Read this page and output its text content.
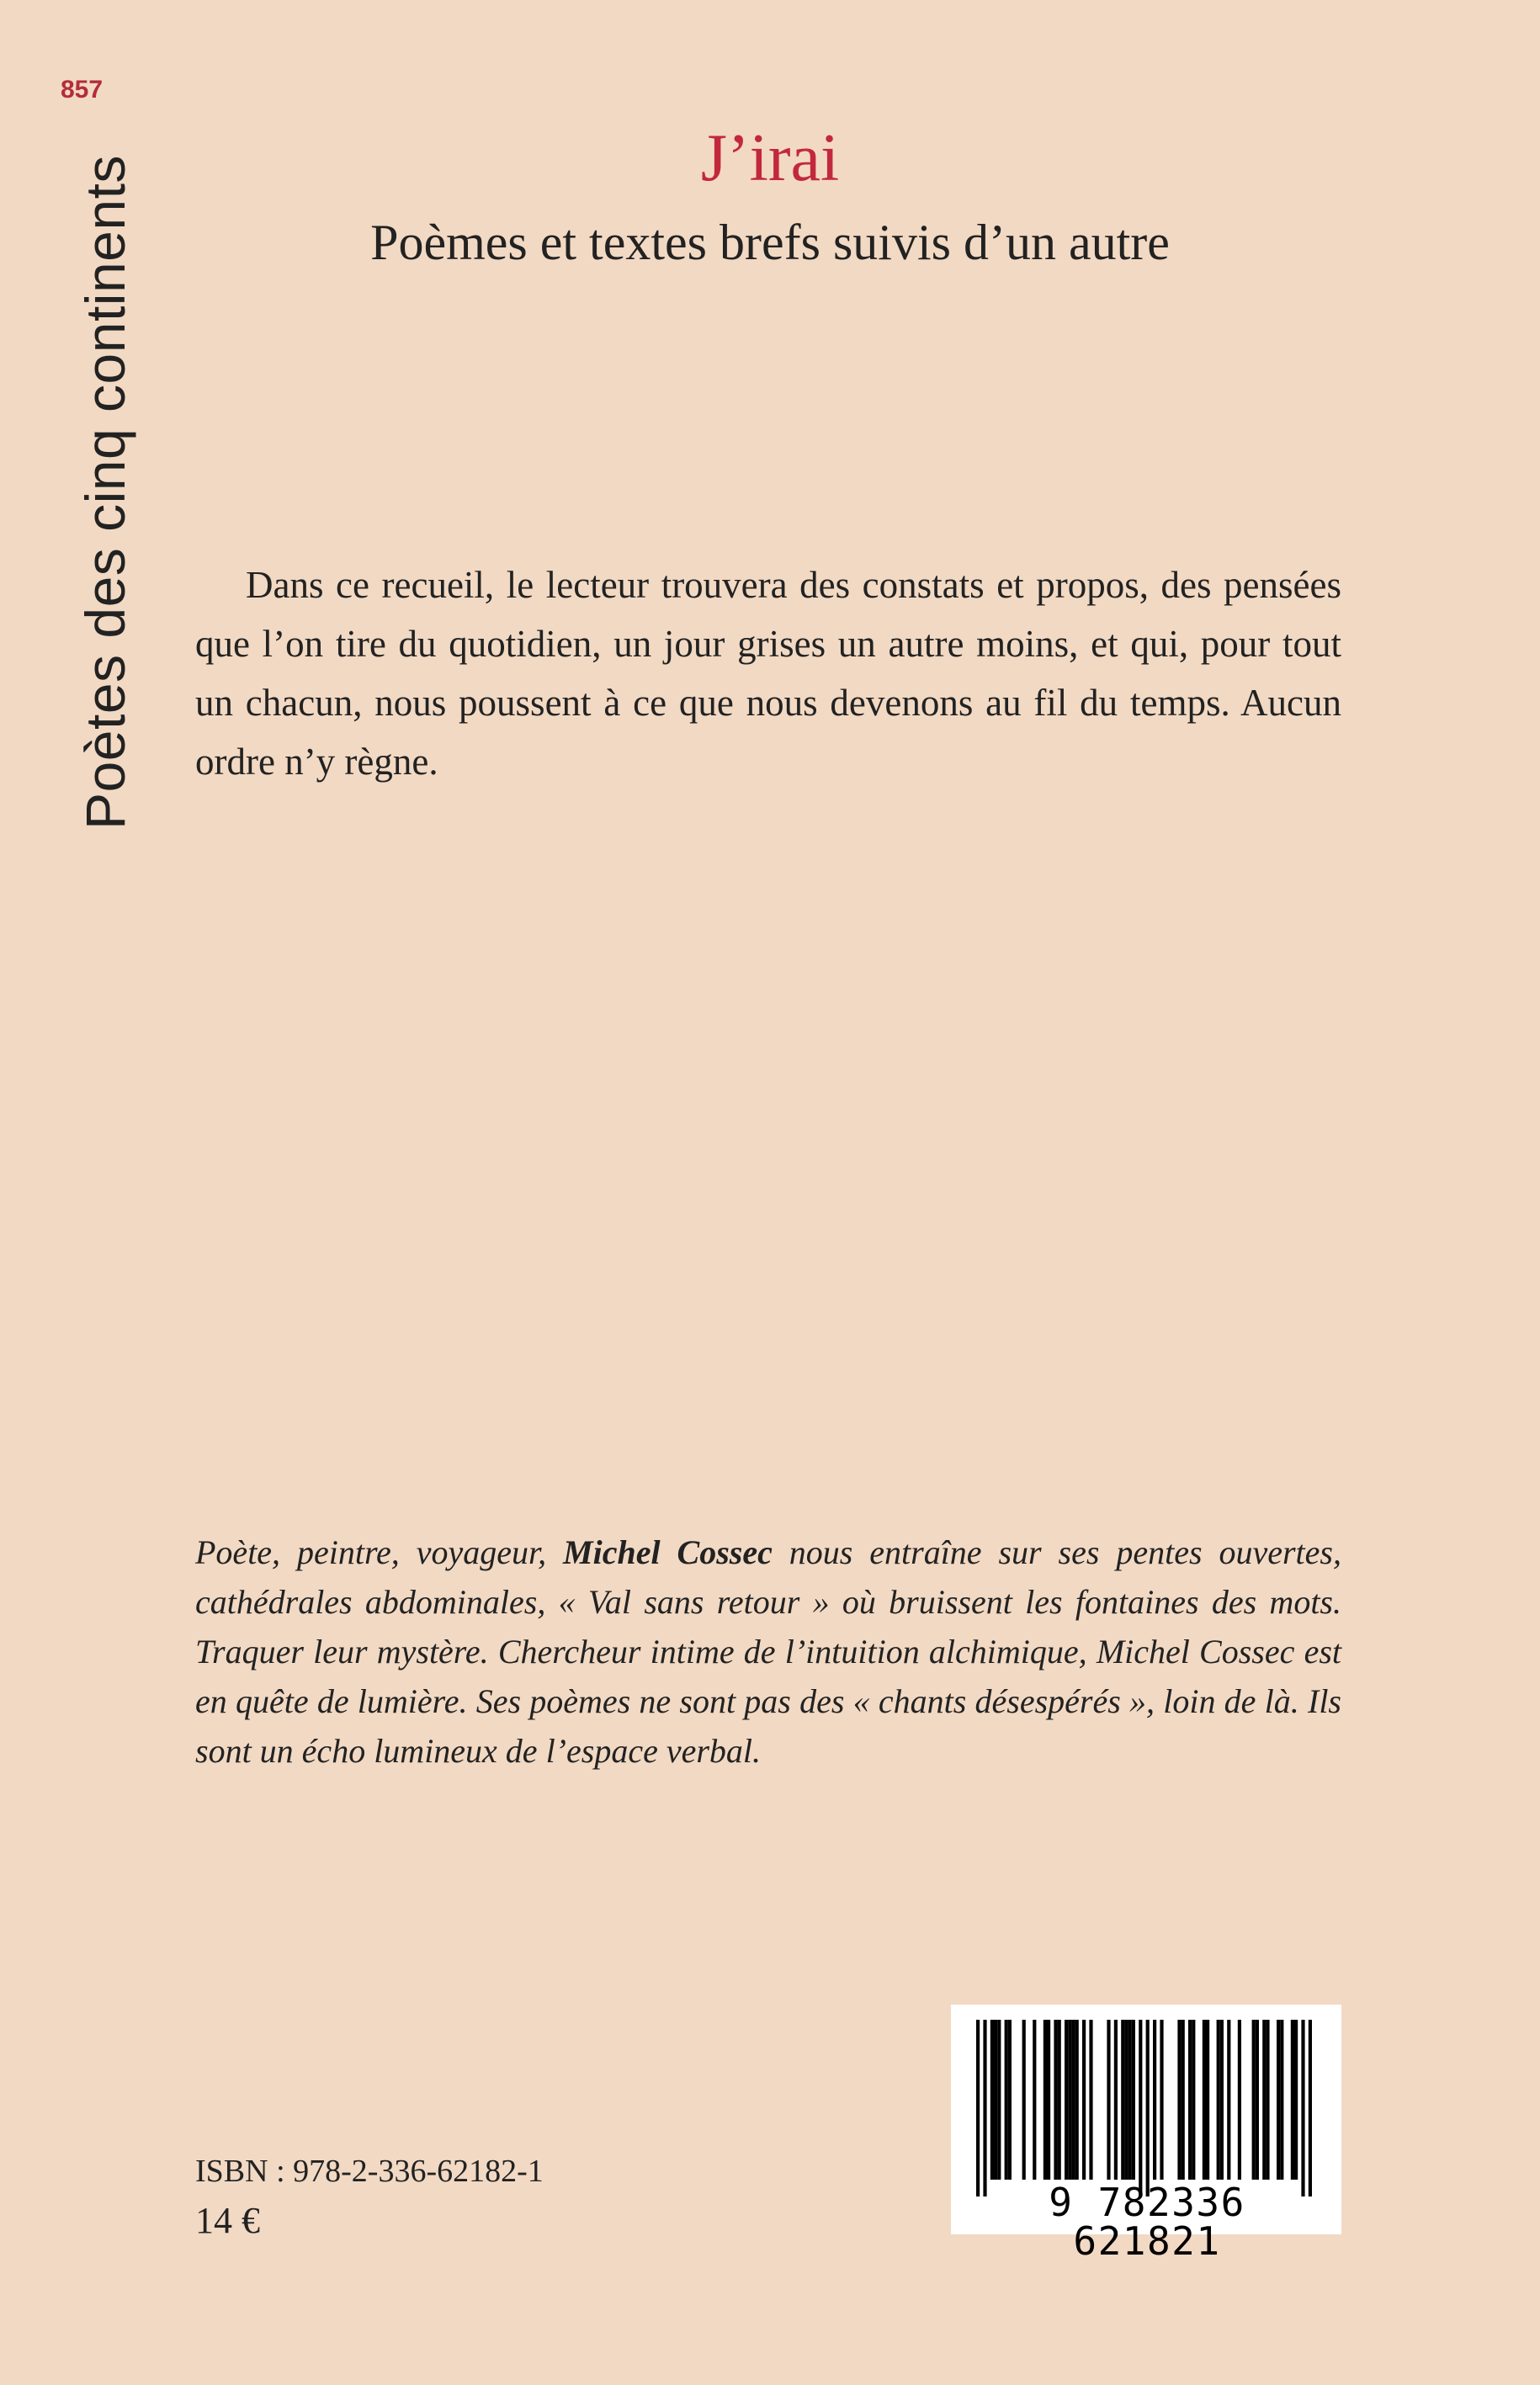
857
Poètes des cinq continents	J’irai
Poèmes et textes brefs suivis d’un autre

Dans ce recueil, le lecteur trouvera des constats et propos, des pensées que l’on tire du quotidien, un jour grises un autre moins, et qui, pour tout un chacun, nous poussent à ce que nous devenons au fil du temps. Aucun ordre n’y règne.

Poète, peintre, voyageur, Michel Cossec nous entraîne sur ses pentes ouvertes, cathédrales abdominales, « Val sans retour » où bruissent les fontaines des mots. Traquer leur mystère. Chercheur intime de l’intuition alchimique, Michel Cossec est en quête de lumière. Ses poèmes ne sont pas des « chants désespérés », loin de là. Ils sont un écho lumineux de l’espace verbal.

ISBN : 978-2-336-62182-1
14 €	9 782336 621821
